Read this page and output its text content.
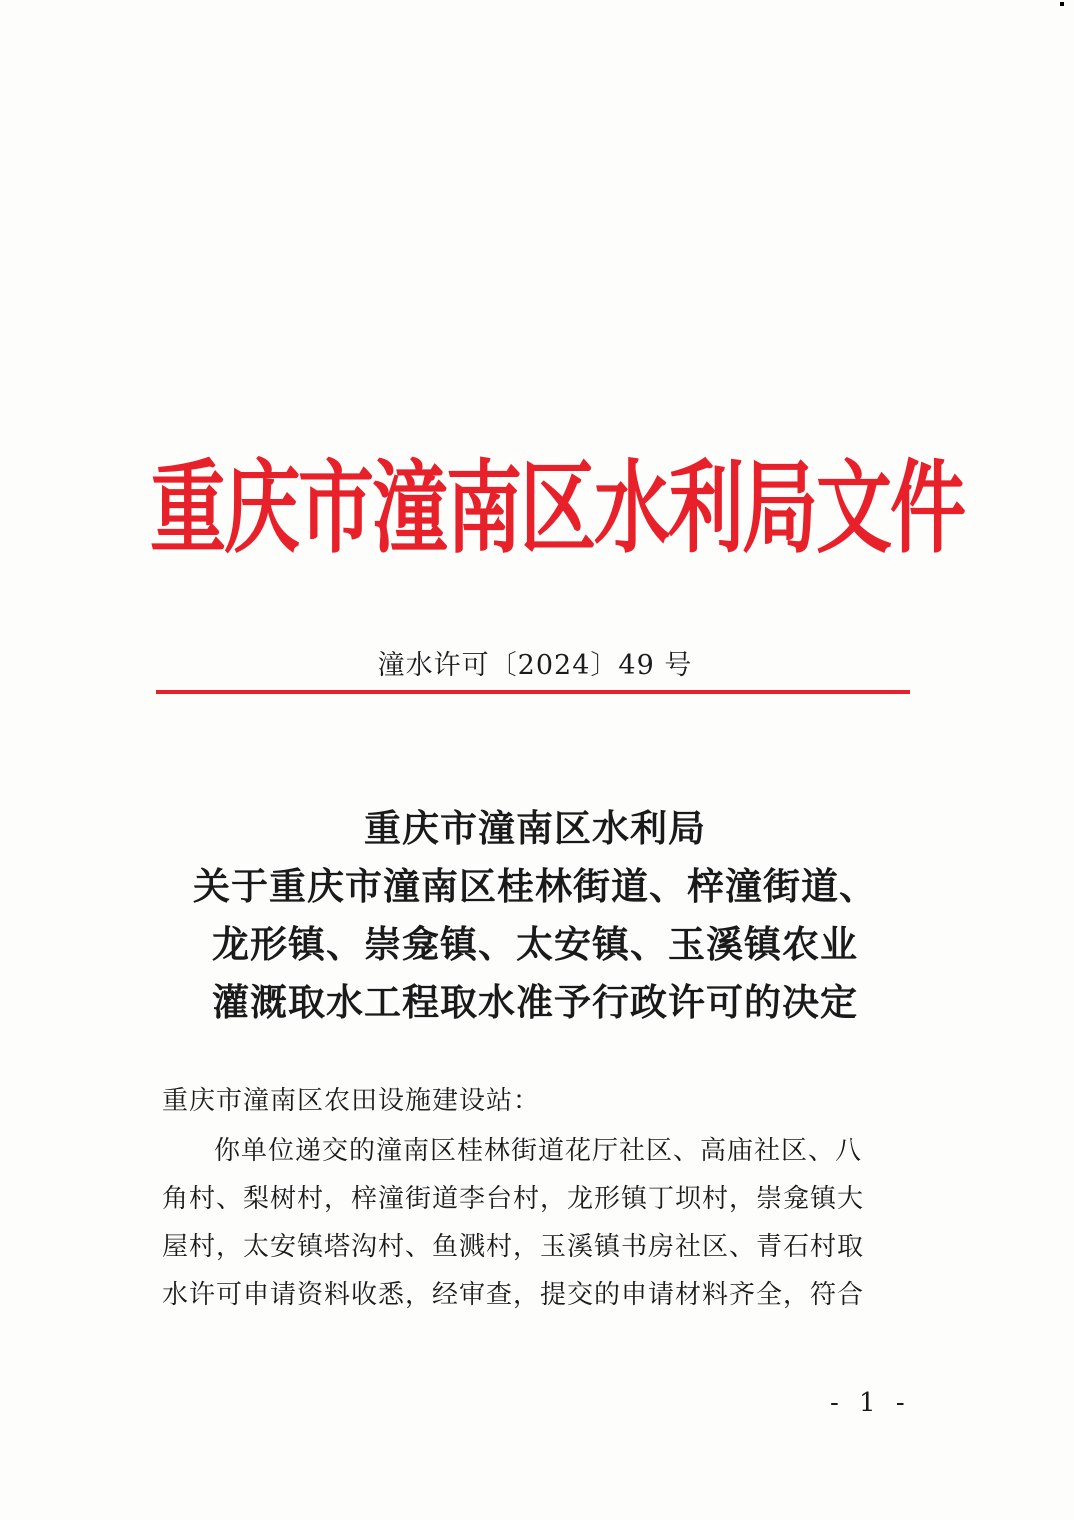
重庆市潼南区水利局文件
潼水许可〔2024〕49 号
重庆市潼南区水利局
关于重庆市潼南区桂林街道、梓潼街道、
龙形镇、崇龛镇、太安镇、玉溪镇农业
灌溉取水工程取水准予行政许可的决定
重庆市潼南区农田设施建设站：
你单位递交的潼南区桂林街道花厅社区、高庙社区、八
角村、梨树村，梓潼街道李台村，龙形镇丁坝村，崇龛镇大
屋村，太安镇塔沟村、鱼溅村，玉溪镇书房社区、青石村取
水许可申请资料收悉，经审查，提交的申请材料齐全，符合
- 1 -
